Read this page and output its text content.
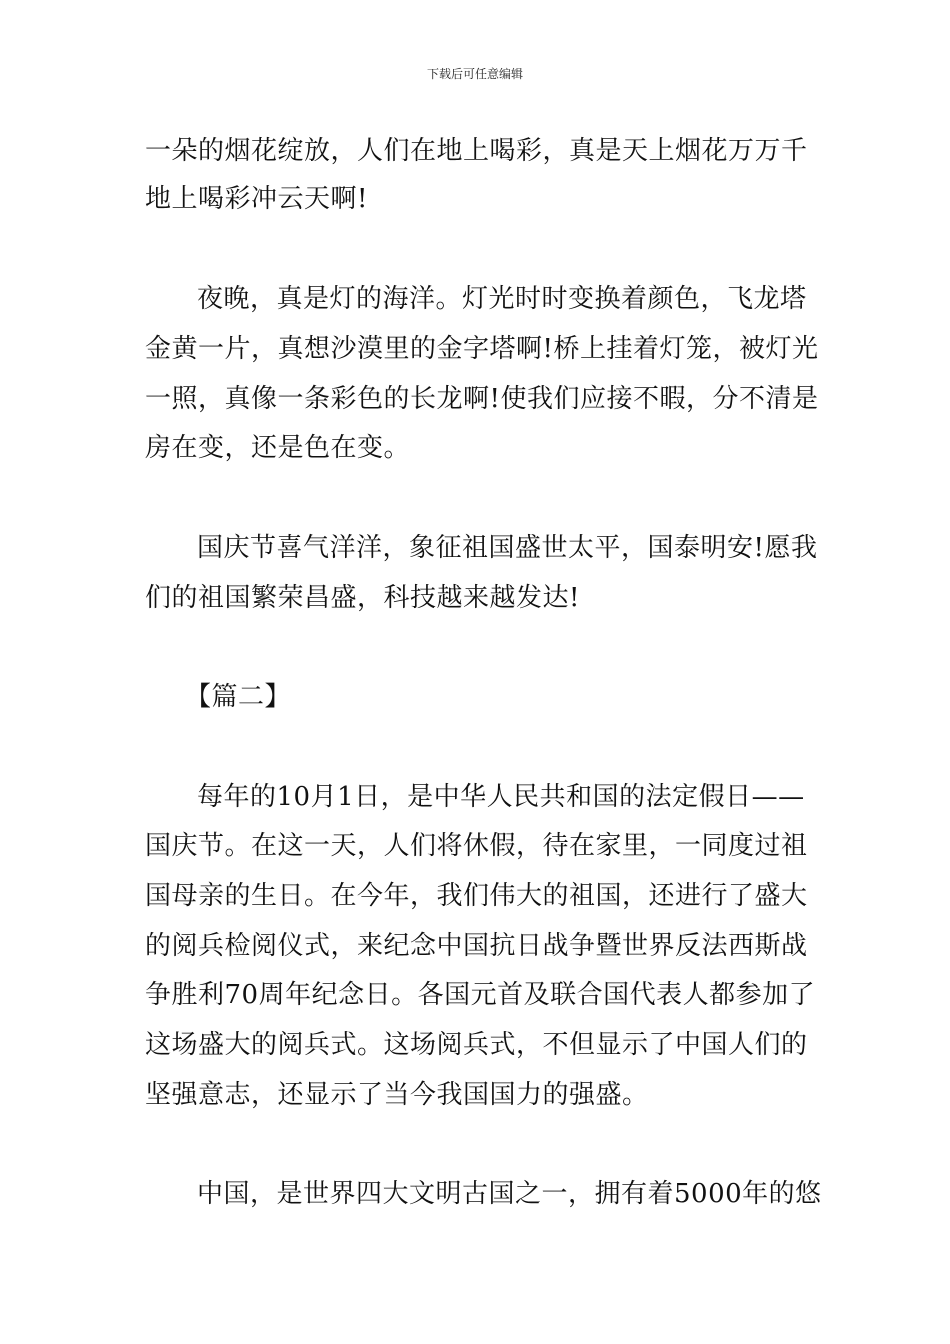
下载后可任意编辑
一朵的烟花绽放，人们在地上喝彩，真是天上烟花万万千
地上喝彩冲云天啊!
夜晚，真是灯的海洋。灯光时时变换着颜色，飞龙塔
金黄一片，真想沙漠里的金字塔啊!桥上挂着灯笼，被灯光
一照，真像一条彩色的长龙啊!使我们应接不暇，分不清是
房在变，还是色在变。
国庆节喜气洋洋，象征祖国盛世太平，国泰明安!愿我
们的祖国繁荣昌盛，科技越来越发达!
【篇二】
每年的10月1日，是中华人民共和国的法定假日——
国庆节。在这一天，人们将休假，待在家里，一同度过祖
国母亲的生日。在今年，我们伟大的祖国，还进行了盛大
的阅兵检阅仪式，来纪念中国抗日战争暨世界反法西斯战
争胜利70周年纪念日。各国元首及联合国代表人都参加了
这场盛大的阅兵式。这场阅兵式，不但显示了中国人们的
坚强意志，还显示了当今我国国力的强盛。
中国，是世界四大文明古国之一，拥有着5000年的悠
